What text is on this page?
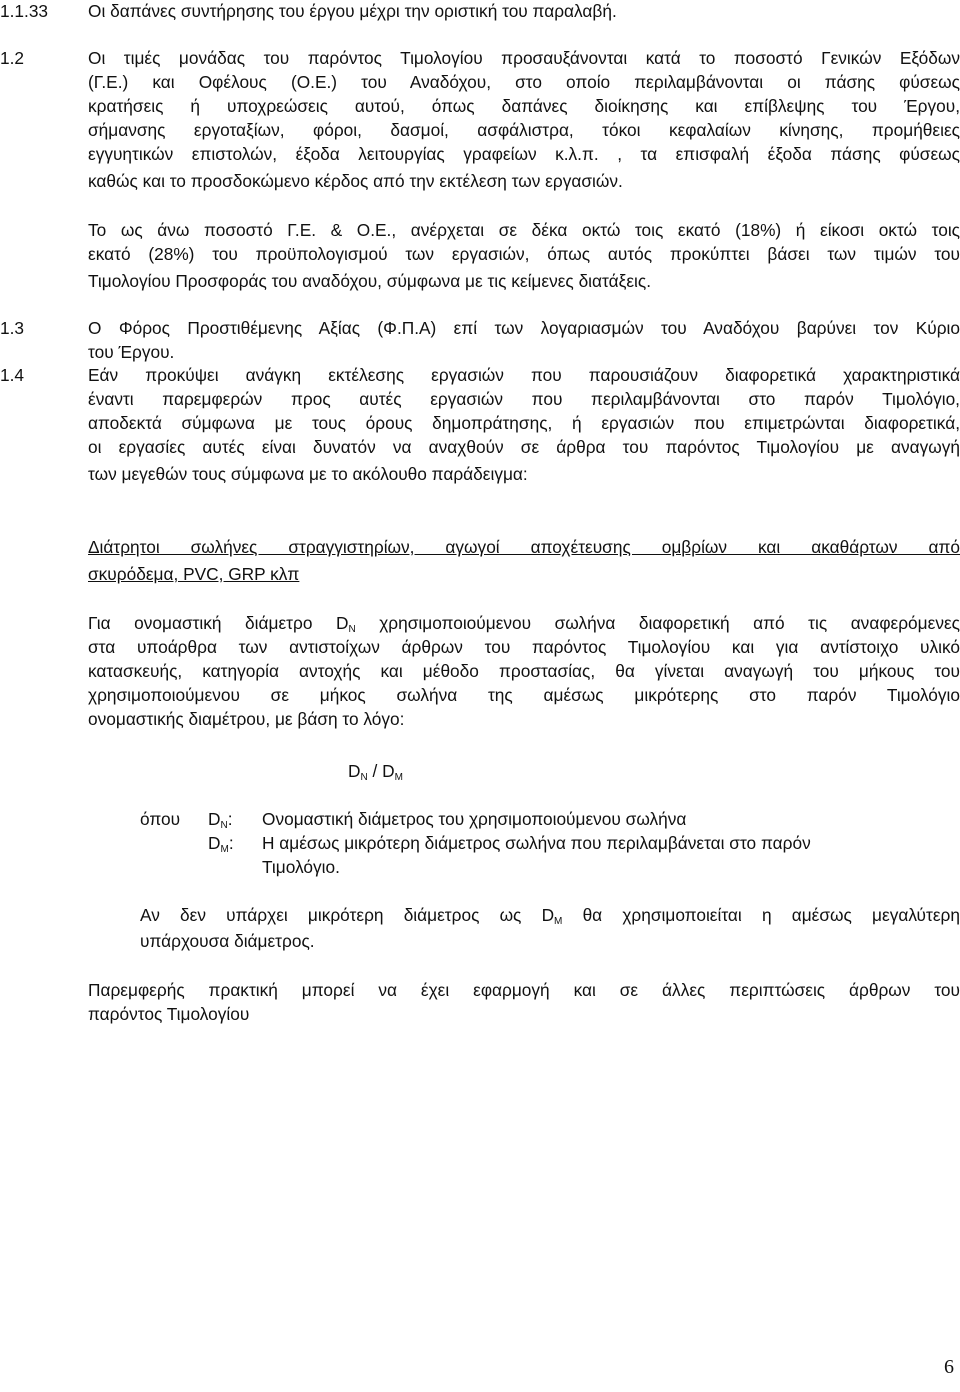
1.1.33 Οι δαπάνες συντήρησης του έργου μέχρι την οριστική του παραλαβή.
1.2	Οι τιμές μονάδας του παρόντος Τιμολογίου προσαυξάνονται κατά το ποσοστό Γενικών Εξόδων
(Γ.Ε.) και Οφέλους (Ο.Ε.) του Αναδόχου, στο οποίο περιλαμβάνονται οι πάσης φύσεως
κρατήσεις ή υποχρεώσεις αυτού, όπως δαπάνες διοίκησης και επίβλεψης του Έργου,
σήμανσης εργοταξίων, φόροι, δασμοί, ασφάλιστρα, τόκοι κεφαλαίων κίνησης, προμήθειες
εγγυητικών επιστολών, έξοδα λειτουργίας γραφείων κ.λ.π. , τα επισφαλή έξοδα πάσης φύσεως
καθώς και το προσδοκώμενο κέρδος από την εκτέλεση των εργασιών.
Το ως άνω ποσοστό Γ.Ε. & Ο.Ε., ανέρχεται σε δέκα οκτώ τοις εκατό (18%) ή είκοσι οκτώ τοις
εκατό (28%) του προϋπολογισμού των εργασιών, όπως αυτός προκύπτει βάσει των τιμών του
Τιμολογίου Προσφοράς του αναδόχου, σύμφωνα με τις κείμενες διατάξεις.
1.3	Ο Φόρος Προστιθέμενης Αξίας (Φ.Π.Α) επί των λογαριασμών του Αναδόχου βαρύνει τον Κύριο
του Έργου.
1.4	Εάν προκύψει ανάγκη εκτέλεσης εργασιών που παρουσιάζουν διαφορετικά χαρακτηριστικά
έναντι παρεμφερών προς αυτές εργασιών που περιλαμβάνονται στο παρόν Τιμολόγιο,
αποδεκτά σύμφωνα με τους όρους δημοπράτησης, ή εργασιών που επιμετρώνται διαφορετικά,
οι εργασίες αυτές είναι δυνατόν να αναχθούν σε άρθρα του παρόντος Τιμολογίου με αναγωγή
των μεγεθών τους σύμφωνα με το ακόλουθο παράδειγμα:
Διάτρητοι σωλήνες στραγγιστηρίων, αγωγοί αποχέτευσης ομβρίων και ακαθάρτων από
σκυρόδεμα, PVC, GRP κλπ
Για ονομαστική διάμετρο $D_N$ χρησιμοποιούμενου σωλήνα διαφορετική από τις αναφερόμενες
στα υποάρθρα των αντιστοίχων άρθρων του παρόντος Τιμολογίου και για αντίστοιχο υλικό
κατασκευής, κατηγορία αντοχής και μέθοδο προστασίας, θα γίνεται αναγωγή του μήκους του
χρησιμοποιούμενου σε μήκος σωλήνα της αμέσως μικρότερης στο παρόν Τιμολόγιο
ονομαστικής διαμέτρου, με βάση το λόγο:
$D_N / D_M$
όπου $D_N$: Ονομαστική διάμετρος του χρησιμοποιούμενου σωλήνα
$D_M$: Η αμέσως μικρότερη διάμετρος σωλήνα που περιλαμβάνεται στο παρόν
Τιμολόγιο.
Αν δεν υπάρχει μικρότερη διάμετρος ως $D_M$ θα χρησιμοποιείται η αμέσως μεγαλύτερη
υπάρχουσα διάμετρος.
Παρεμφερής πρακτική μπορεί να έχει εφαρμογή και σε άλλες περιπτώσεις άρθρων του
παρόντος Τιμολογίου
6
